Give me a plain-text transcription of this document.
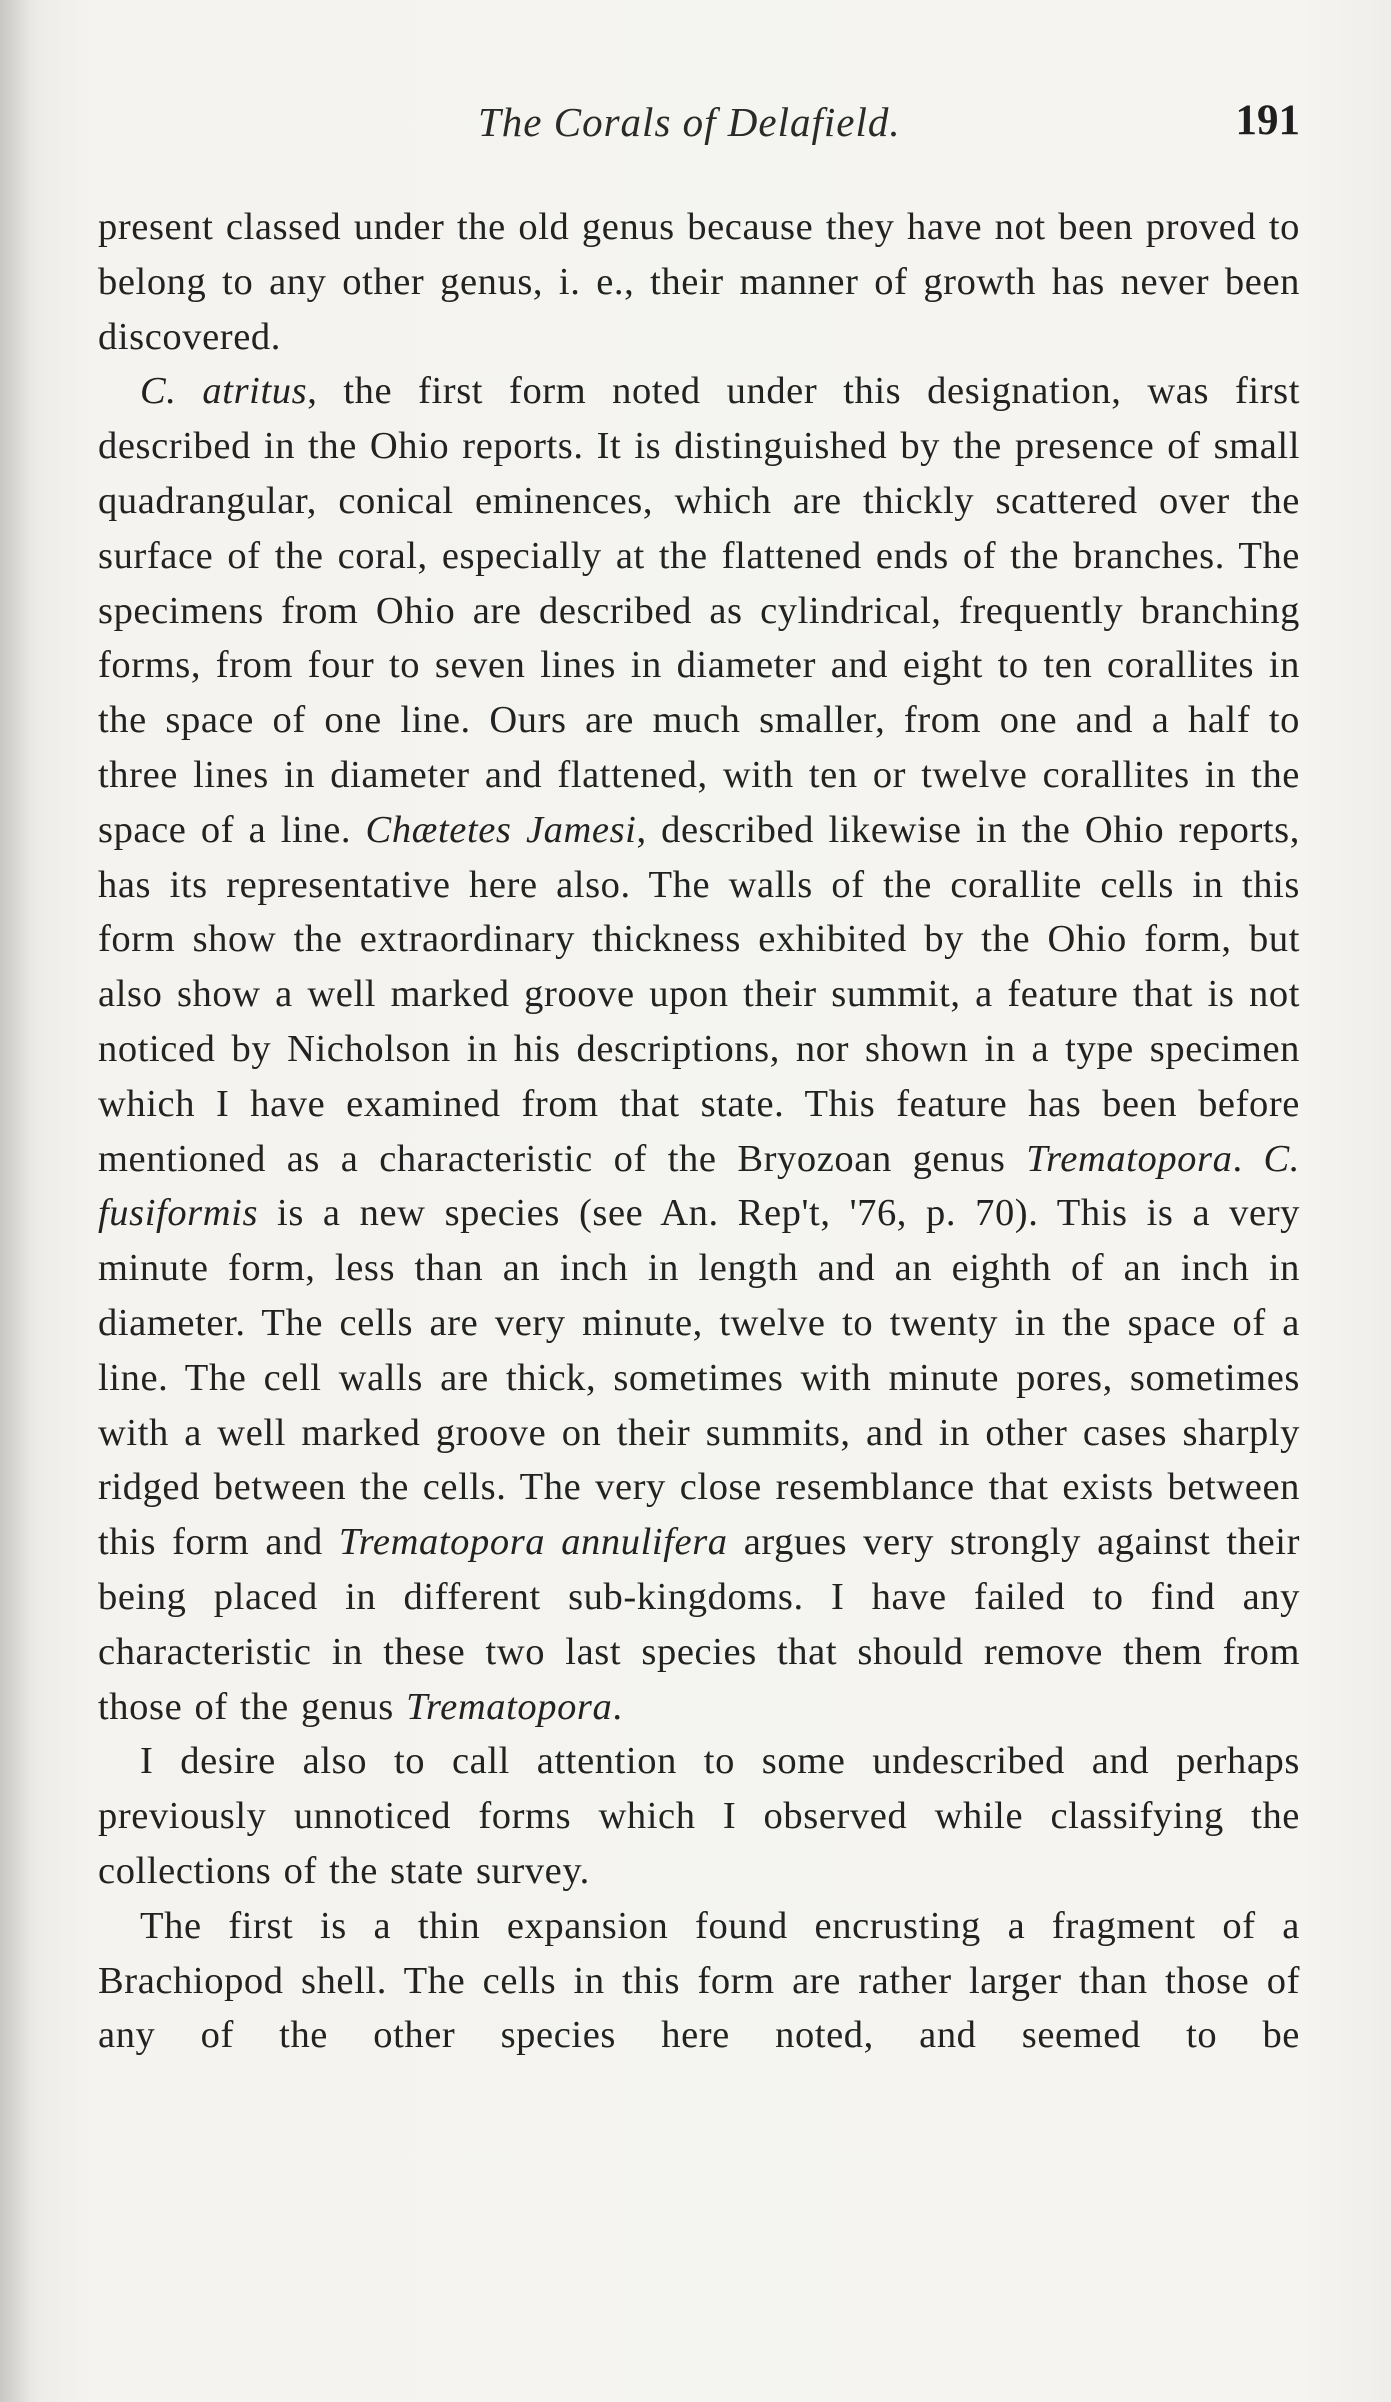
The Corals of Delafield.	191

present classed under the old genus because they have not been proved to belong to any other genus, i. e., their manner of growth has never been discovered.

C. atritus, the first form noted under this designation, was first described in the Ohio reports. It is distinguished by the presence of small quadrangular, conical eminences, which are thickly scattered over the surface of the coral, especially at the flattened ends of the branches. The specimens from Ohio are described as cylindrical, frequently branching forms, from four to seven lines in diameter and eight to ten corallites in the space of one line. Ours are much smaller, from one and a half to three lines in diameter and flattened, with ten or twelve corallites in the space of a line. Chætetes Jamesi, described likewise in the Ohio reports, has its representative here also. The walls of the corallite cells in this form show the extraordinary thickness exhibited by the Ohio form, but also show a well marked groove upon their summit, a feature that is not noticed by Nicholson in his descriptions, nor shown in a type specimen which I have examined from that state. This feature has been before mentioned as a characteristic of the Bryozoan genus Trematopora. C. fusiformis is a new species (see An. Rep't, '76, p. 70). This is a very minute form, less than an inch in length and an eighth of an inch in diameter. The cells are very minute, twelve to twenty in the space of a line. The cell walls are thick, sometimes with minute pores, sometimes with a well marked groove on their summits, and in other cases sharply ridged between the cells. The very close resemblance that exists between this form and Trematopora annulifera argues very strongly against their being placed in different sub-kingdoms. I have failed to find any characteristic in these two last species that should remove them from those of the genus Trematopora.

I desire also to call attention to some undescribed and perhaps previously unnoticed forms which I observed while classifying the collections of the state survey.

The first is a thin expansion found encrusting a fragment of a Brachiopod shell. The cells in this form are rather larger than those of any of the other species here noted, and seemed to be
